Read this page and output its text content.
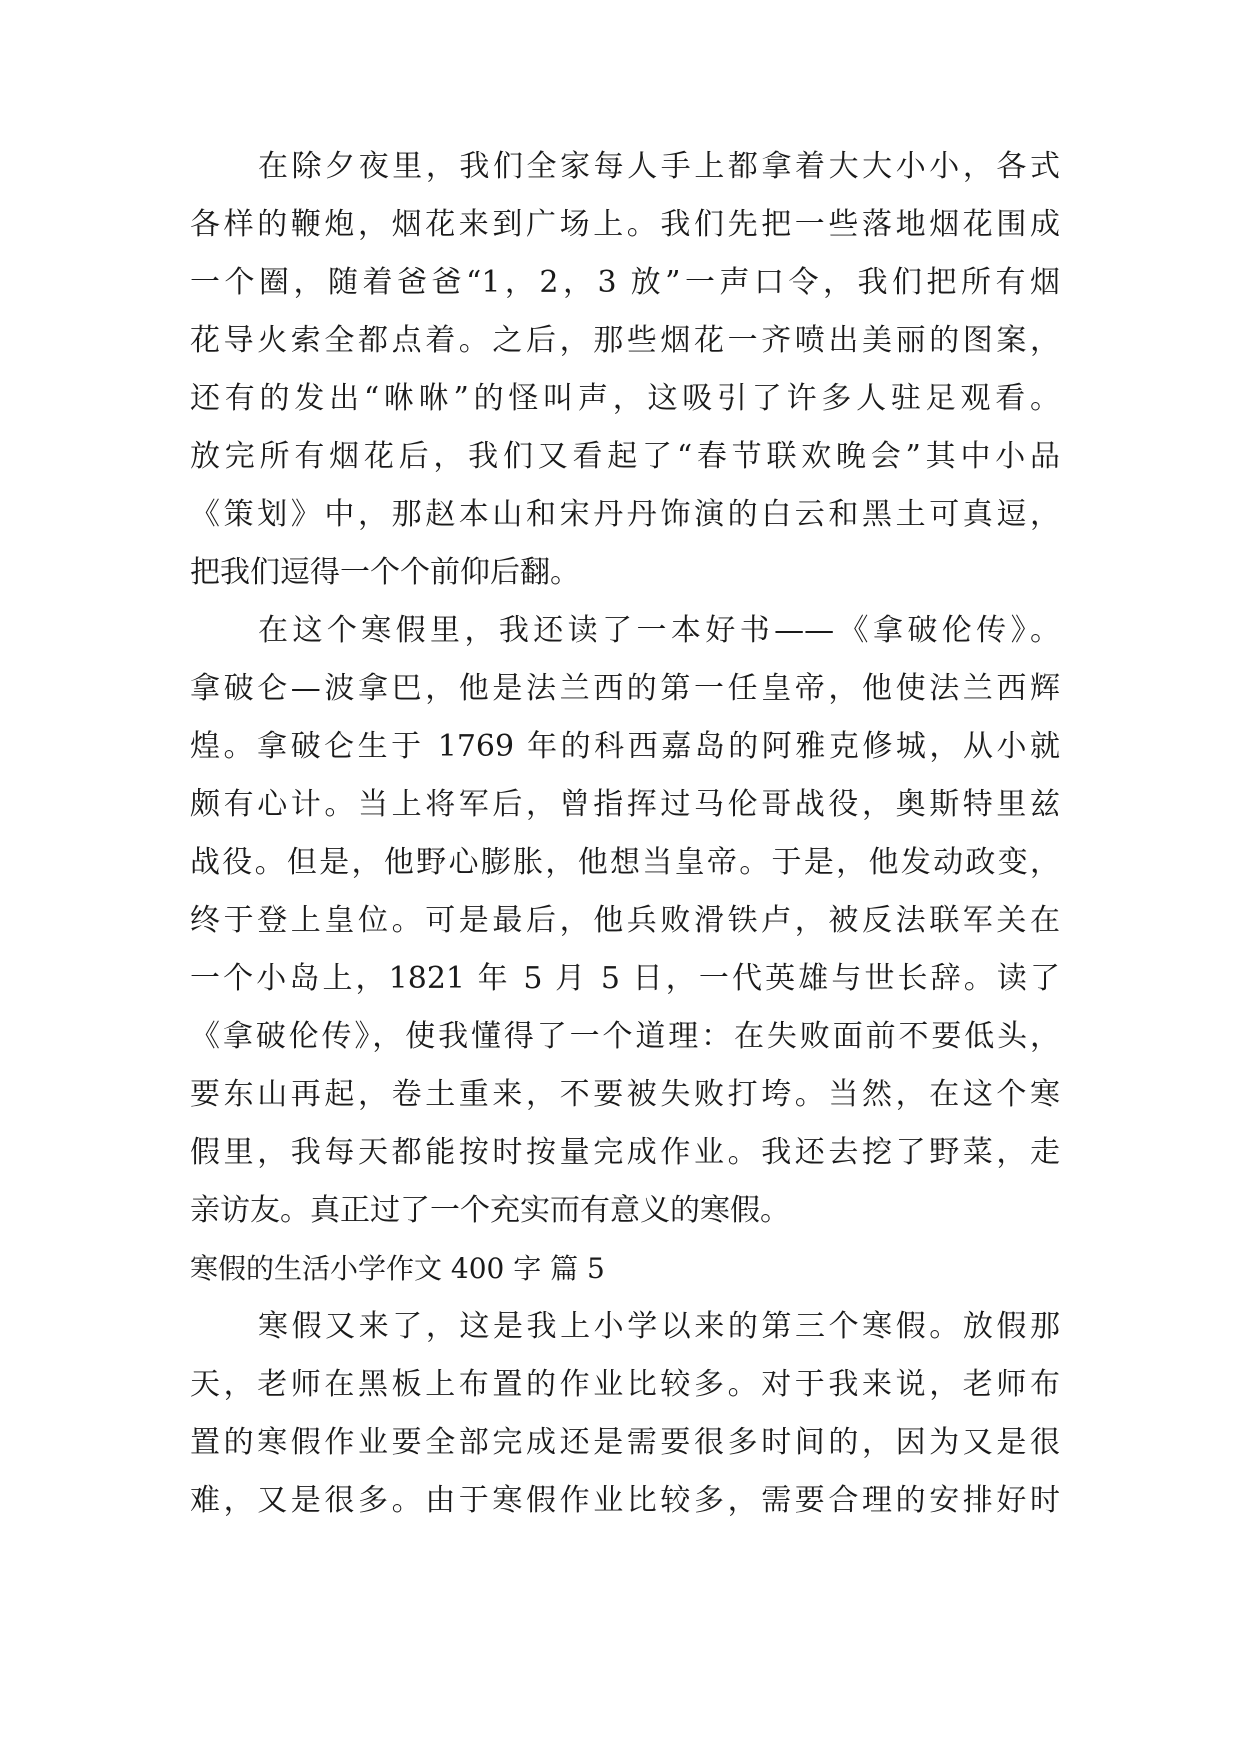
在除夕夜里，我们全家每人手上都拿着大大小小，各式
各样的鞭炮，烟花来到广场上。我们先把一些落地烟花围成
一个圈，随着爸爸“1，2，3 放”一声口令，我们把所有烟
花导火索全都点着。之后，那些烟花一齐喷出美丽的图案，
还有的发出“咻咻”的怪叫声，这吸引了许多人驻足观看。
放完所有烟花后，我们又看起了“春节联欢晚会”其中小品
《策划》中，那赵本山和宋丹丹饰演的白云和黑土可真逗，
把我们逗得一个个前仰后翻。
在这个寒假里，我还读了一本好书——《拿破伦传》。
拿破仑—波拿巴，他是法兰西的第一任皇帝，他使法兰西辉
煌。拿破仑生于 1769 年的科西嘉岛的阿雅克修城，从小就
颇有心计。当上将军后，曾指挥过马伦哥战役，奥斯特里兹
战役。但是，他野心膨胀，他想当皇帝。于是，他发动政变，
终于登上皇位。可是最后，他兵败滑铁卢，被反法联军关在
一个小岛上，1821 年 5 月 5 日，一代英雄与世长辞。读了
《拿破伦传》，使我懂得了一个道理：在失败面前不要低头，
要东山再起，卷土重来，不要被失败打垮。当然，在这个寒
假里，我每天都能按时按量完成作业。我还去挖了野菜，走
亲访友。真正过了一个充实而有意义的寒假。
寒假的生活小学作文 400 字 篇 5
寒假又来了，这是我上小学以来的第三个寒假。放假那
天，老师在黑板上布置的作业比较多。对于我来说，老师布
置的寒假作业要全部完成还是需要很多时间的，因为又是很
难，又是很多。由于寒假作业比较多，需要合理的安排好时
